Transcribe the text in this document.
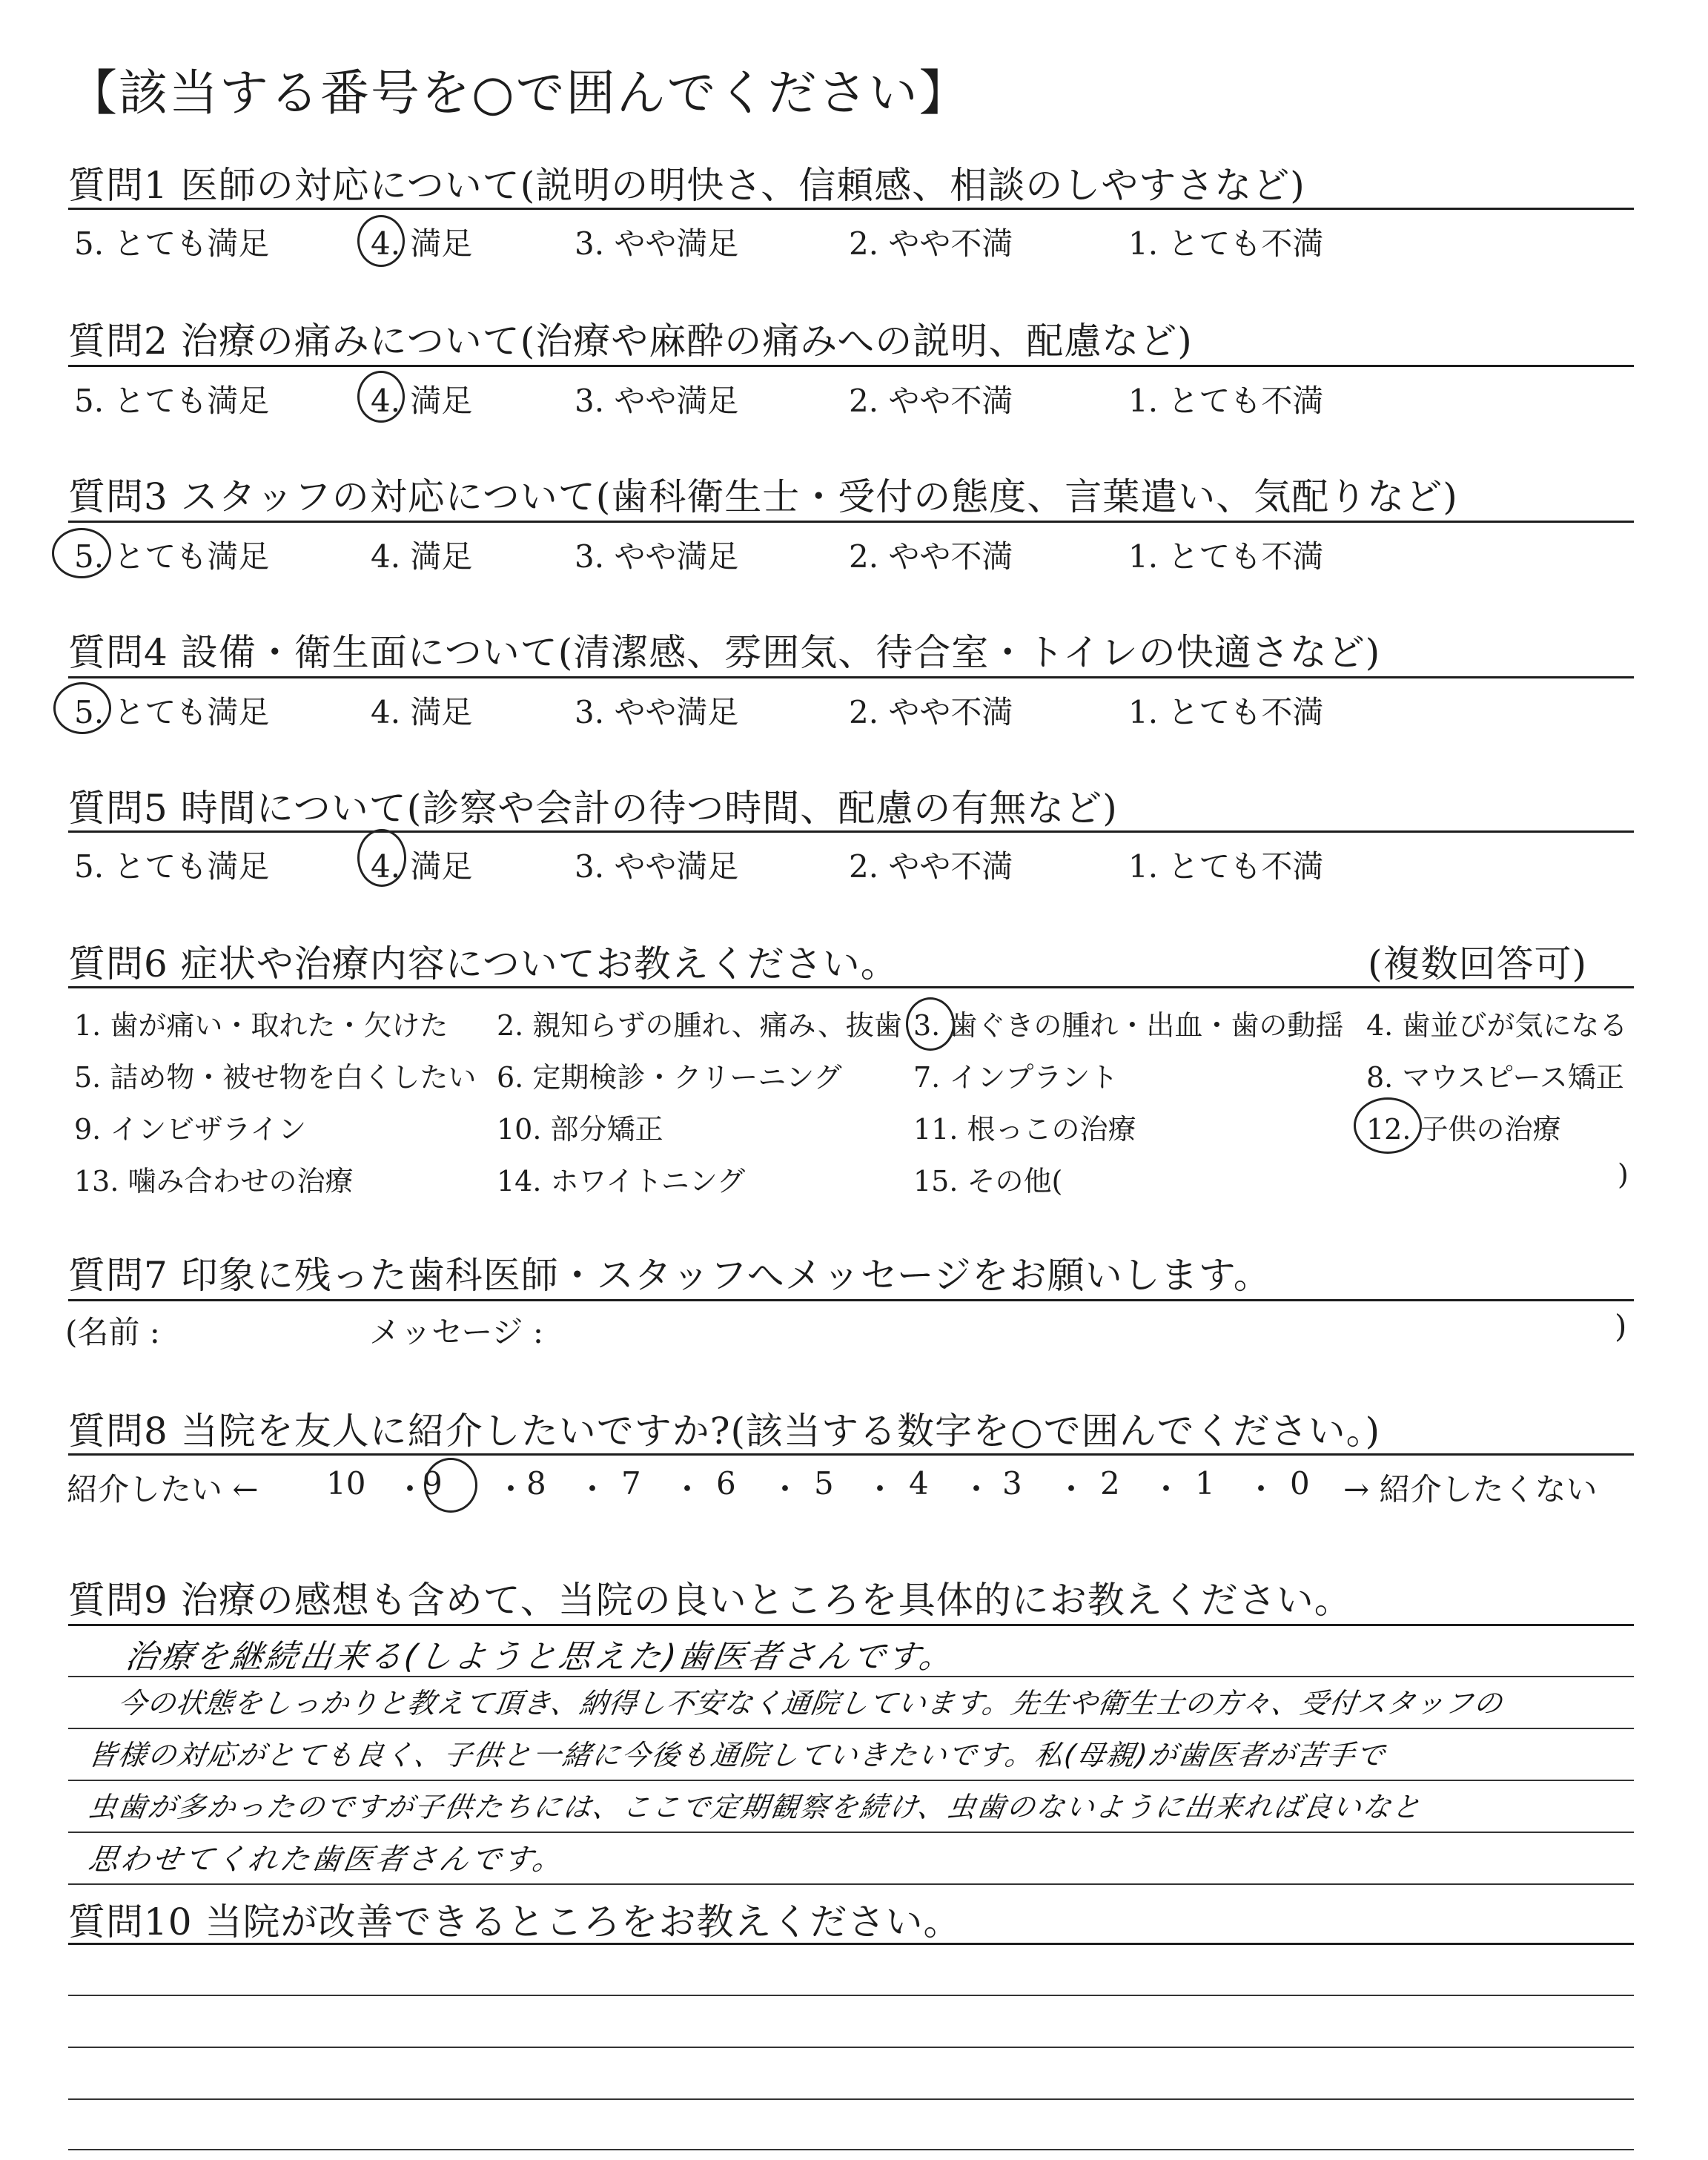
【該当する番号を○で囲んでください】
質問1 医師の対応について(説明の明快さ、信頼感、相談のしやすさなど)
5. とても満足	4. 満足	3. やや満足	2. やや不満	1. とても不満
質問2 治療の痛みについて(治療や麻酔の痛みへの説明、配慮など)
5. とても満足	4. 満足	3. やや満足	2. やや不満	1. とても不満
質問3 スタッフの対応について(歯科衛生士・受付の態度、言葉遣い、気配りなど)
5. とても満足	4. 満足	3. やや満足	2. やや不満	1. とても不満
質問4 設備・衛生面について(清潔感、雰囲気、待合室・トイレの快適さなど)
5. とても満足	4. 満足	3. やや満足	2. やや不満	1. とても不満
質問5 時間について(診察や会計の待つ時間、配慮の有無など)
5. とても満足	4. 満足	3. やや満足	2. やや不満	1. とても不満
質問6 症状や治療内容についてお教えください。	(複数回答可)
1. 歯が痛い・取れた・欠けた 2. 親知らずの腫れ、痛み、抜歯 3. 歯ぐきの腫れ・出血・歯の動揺 4. 歯並びが気になる
5. 詰め物・被せ物を白くしたい 6. 定期検診・クリーニング	7. インプラント	8. マウスピース矯正
9. インビザライン	10. 部分矯正	11. 根っこの治療	12. 子供の治療
13. 噛み合わせの治療	14. ホワイトニング	15. その他(	)
質問7 印象に残った歯科医師・スタッフへメッセージをお願いします。
(名前 :	メッセージ :	)
質問8 当院を友人に紹介したいですか?(該当する数字を○で囲んでください。)
紹介したい ← 10 9	8 7 6	5 4 3	2 1 0
・ ・ ・ ・ ・ ・ ・ ・ ・ ・ → 紹介したくない
質問9 治療の感想も含めて、当院の良いところを具体的にお教えください。
治療を継続出来る(しようと思えた)歯医者さんです。
今の状態をしっかりと教えて頂き、納得し不安なく通院しています。先生や衛生士の方々、受付スタッフの
皆様の対応がとても良く、子供と一緒に今後も通院していきたいです。私(母親)が歯医者が苦手で
虫歯が多かったのですが子供たちには、ここで定期観察を続け、虫歯のないように出来れば良いなと
思わせてくれた歯医者さんです。
質問10 当院が改善できるところをお教えください。
